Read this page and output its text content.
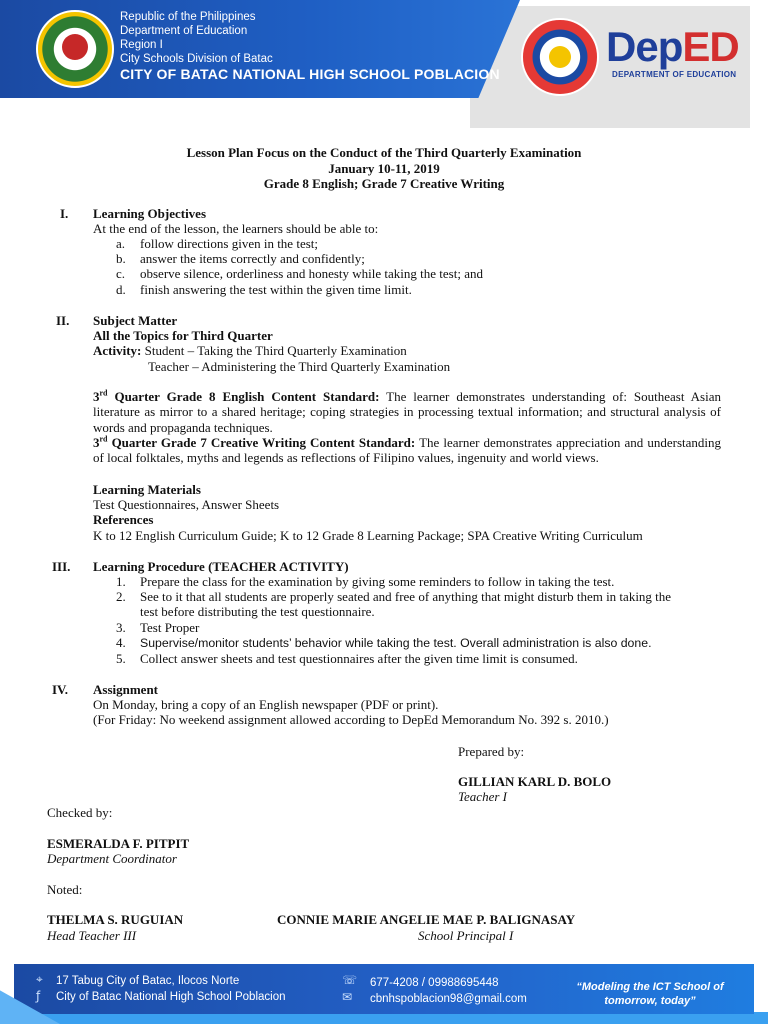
Republic of the Philippines
Department of Education
Region I
City Schools Division of Batac
CITY OF BATAC NATIONAL HIGH SCHOOL POBLACION
DepED
DEPARTMENT OF EDUCATION
Lesson Plan Focus on the Conduct of the Third Quarterly Examination
January 10-11, 2019
Grade 8 English; Grade 7 Creative Writing
I. Learning Objectives
At the end of the lesson, the learners should be able to:
a. follow directions given in the test;
b. answer the items correctly and confidently;
c. observe silence, orderliness and honesty while taking the test; and
d. finish answering the test within the given time limit.
II. Subject Matter
All the Topics for Third Quarter
Activity: Student – Taking the Third Quarterly Examination
Teacher – Administering the Third Quarterly Examination
3rd Quarter Grade 8 English Content Standard: The learner demonstrates understanding of: Southeast Asian literature as mirror to a shared heritage; coping strategies in processing textual information; and structural analysis of words and propaganda techniques.
3rd Quarter Grade 7 Creative Writing Content Standard: The learner demonstrates appreciation and understanding of local folktales, myths and legends as reflections of Filipino values, ingenuity and world views.
Learning Materials
Test Questionnaires, Answer Sheets
References
K to 12 English Curriculum Guide; K to 12 Grade 8 Learning Package; SPA Creative Writing Curriculum
III. Learning Procedure (TEACHER ACTIVITY)
1. Prepare the class for the examination by giving some reminders to follow in taking the test.
2. See to it that all students are properly seated and free of anything that might disturb them in taking the
test before distributing the test questionnaire.
3. Test Proper
4. Supervise/monitor students’ behavior while taking the test. Overall administration is also done.
5. Collect answer sheets and test questionnaires after the given time limit is consumed.
IV. Assignment
On Monday, bring a copy of an English newspaper (PDF or print).
(For Friday: No weekend assignment allowed according to DepEd Memorandum No. 392 s. 2010.)
Prepared by:
GILLIAN KARL D. BOLO
Teacher I
Checked by:
ESMERALDA F. PITPIT
Department Coordinator
Noted:
THELMA S. RUGUIAN
Head Teacher III
CONNIE MARIE ANGELIE MAE P. BALIGNASAY
School Principal I
⌖ 17 Tabug City of Batac, Ilocos Norte
ƒ City of Batac National High School Poblacion
☏ 677-4208 / 09988695448
✉ cbnhspoblacion98@gmail.com
“Modeling the ICT School of
tomorrow, today”
